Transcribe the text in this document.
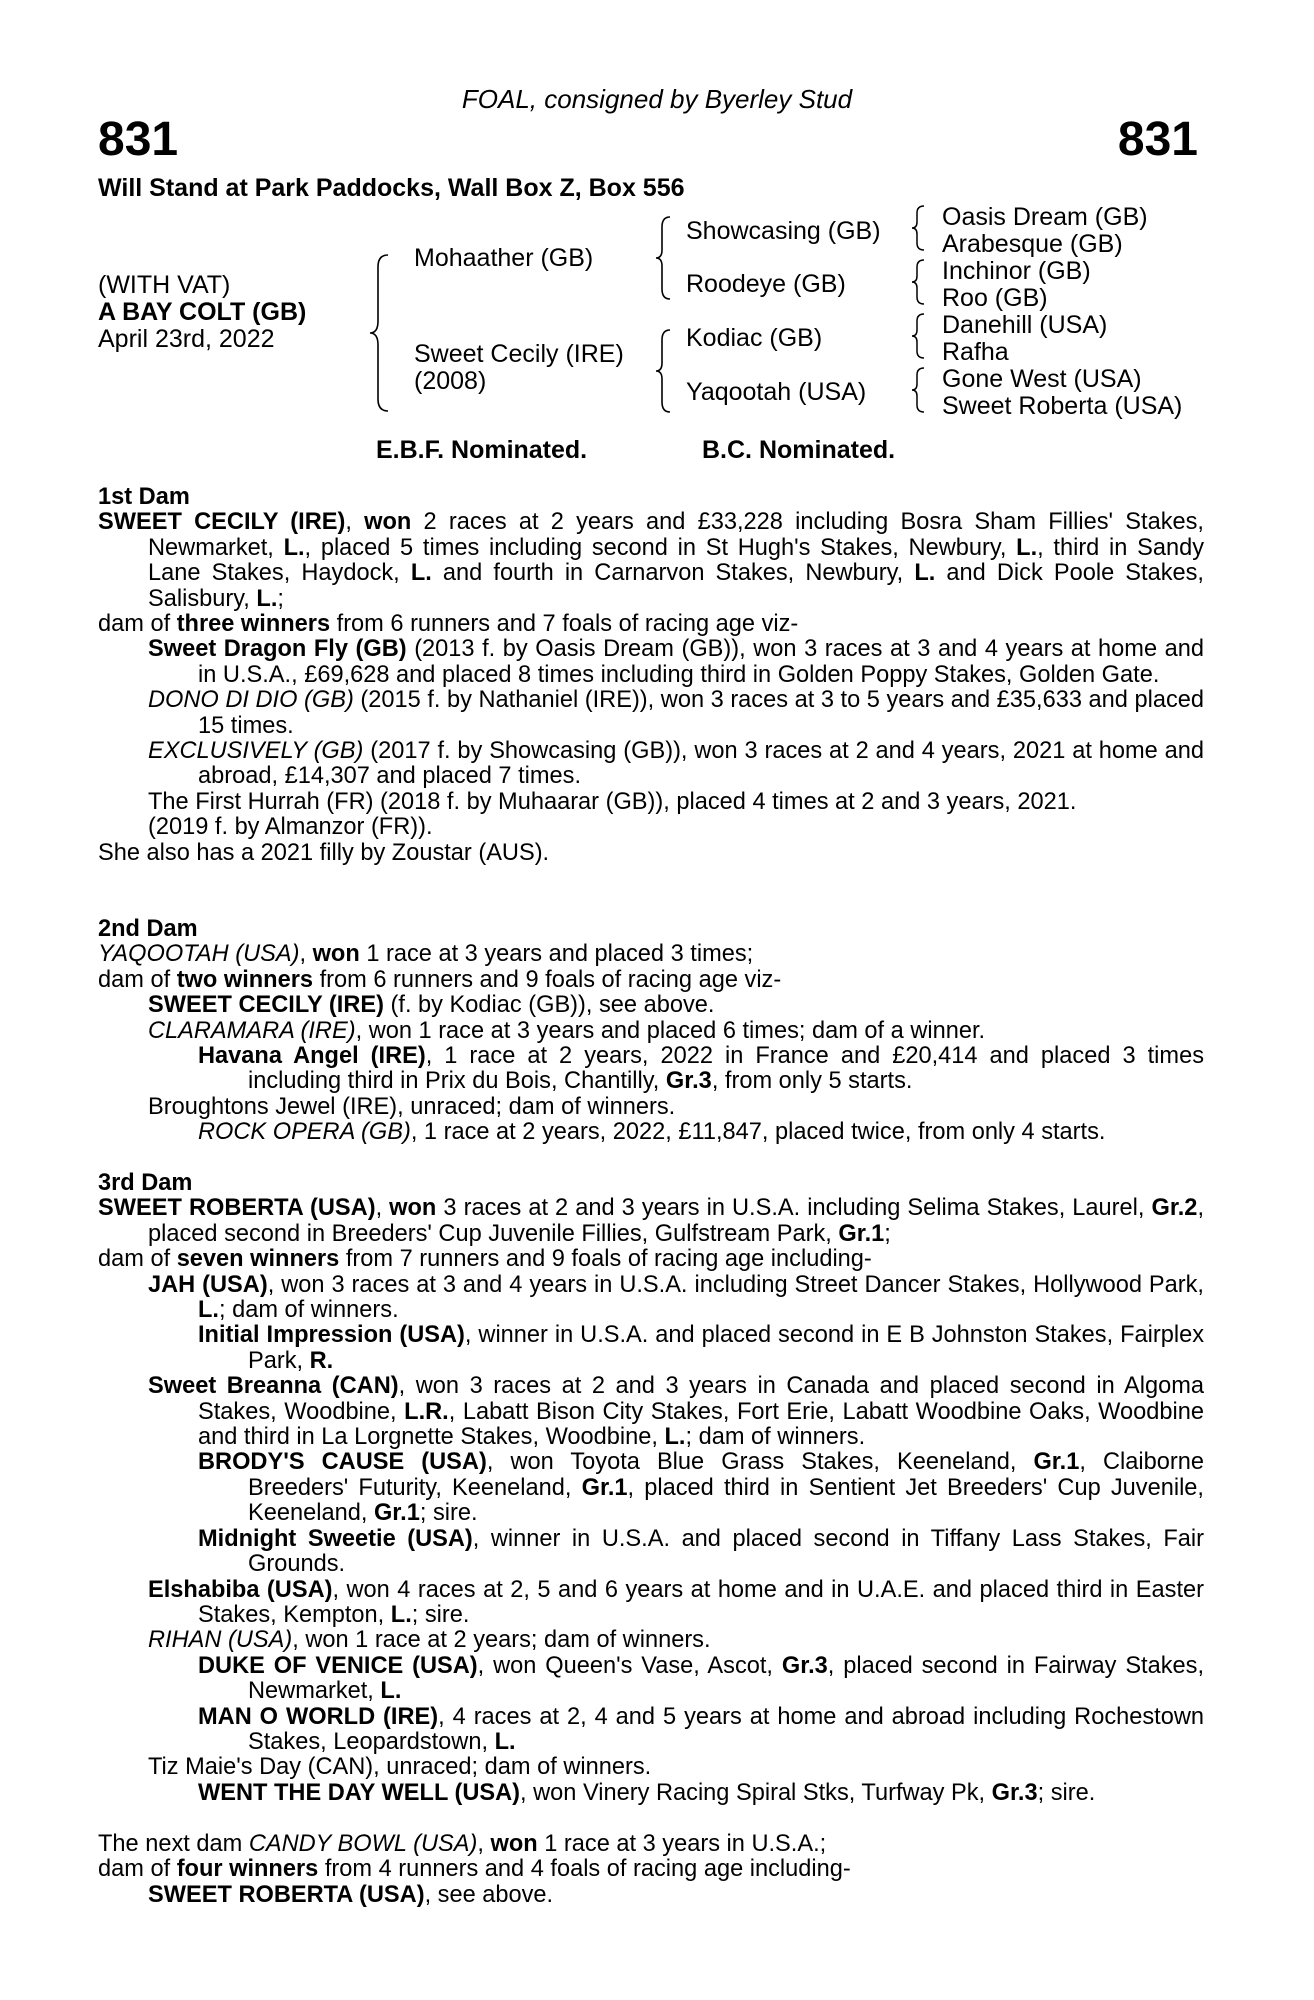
FOAL, consigned by Byerley Stud
831	831
Will Stand at Park Paddocks, Wall Box Z, Box 556
(WITH VAT)
A BAY COLT (GB)
April 23rd, 2022
Mohaather (GB)
Sweet Cecily (IRE)
(2008)
Showcasing (GB)
Roodeye (GB)
Kodiac (GB)
Yaqootah (USA)
Oasis Dream (GB)
Arabesque (GB)
Inchinor (GB)
Roo (GB)
Danehill (USA)
Rafha
Gone West (USA)
Sweet Roberta (USA)
E.B.F. Nominated.	B.C. Nominated.

1st Dam

SWEET CECILY (IRE), won 2 races at 2 years and £33,228 including Bosra Sham Fillies' Stakes, Newmarket, L., placed 5 times including second in St Hugh's Stakes, Newbury, L., third in Sandy Lane Stakes, Haydock, L. and fourth in Carnarvon Stakes, Newbury, L. and Dick Poole Stakes, Salisbury, L.;

dam of three winners from 6 runners and 7 foals of racing age viz-

Sweet Dragon Fly (GB) (2013 f. by Oasis Dream (GB)), won 3 races at 3 and 4 years at home and in U.S.A., £69,628 and placed 8 times including third in Golden Poppy Stakes, Golden Gate.

DONO DI DIO (GB) (2015 f. by Nathaniel (IRE)), won 3 races at 3 to 5 years and £35,633 and placed 15 times.

EXCLUSIVELY (GB) (2017 f. by Showcasing (GB)), won 3 races at 2 and 4 years, 2021 at home and abroad, £14,307 and placed 7 times.

The First Hurrah (FR) (2018 f. by Muhaarar (GB)), placed 4 times at 2 and 3 years, 2021.

(2019 f. by Almanzor (FR)).

She also has a 2021 filly by Zoustar (AUS).

2nd Dam

YAQOOTAH (USA), won 1 race at 3 years and placed 3 times;

dam of two winners from 6 runners and 9 foals of racing age viz-

SWEET CECILY (IRE) (f. by Kodiac (GB)), see above.

CLARAMARA (IRE), won 1 race at 3 years and placed 6 times; dam of a winner.

Havana Angel (IRE), 1 race at 2 years, 2022 in France and £20,414 and placed 3 times including third in Prix du Bois, Chantilly, Gr.3, from only 5 starts.

Broughtons Jewel (IRE), unraced; dam of winners.

ROCK OPERA (GB), 1 race at 2 years, 2022, £11,847, placed twice, from only 4 starts.

3rd Dam

SWEET ROBERTA (USA), won 3 races at 2 and 3 years in U.S.A. including Selima Stakes, Laurel, Gr.2, placed second in Breeders' Cup Juvenile Fillies, Gulfstream Park, Gr.1;

dam of seven winners from 7 runners and 9 foals of racing age including-

JAH (USA), won 3 races at 3 and 4 years in U.S.A. including Street Dancer Stakes, Hollywood Park, L.; dam of winners.

Initial Impression (USA), winner in U.S.A. and placed second in E B Johnston Stakes, Fairplex Park, R.

Sweet Breanna (CAN), won 3 races at 2 and 3 years in Canada and placed second in Algoma Stakes, Woodbine, L.R., Labatt Bison City Stakes, Fort Erie, Labatt Woodbine Oaks, Woodbine and third in La Lorgnette Stakes, Woodbine, L.; dam of winners.

BRODY'S CAUSE (USA), won Toyota Blue Grass Stakes, Keeneland, Gr.1, Claiborne Breeders' Futurity, Keeneland, Gr.1, placed third in Sentient Jet Breeders' Cup Juvenile, Keeneland, Gr.1; sire.

Midnight Sweetie (USA), winner in U.S.A. and placed second in Tiffany Lass Stakes, Fair Grounds.

Elshabiba (USA), won 4 races at 2, 5 and 6 years at home and in U.A.E. and placed third in Easter Stakes, Kempton, L.; sire.

RIHAN (USA), won 1 race at 2 years; dam of winners.

DUKE OF VENICE (USA), won Queen's Vase, Ascot, Gr.3, placed second in Fairway Stakes, Newmarket, L.

MAN O WORLD (IRE), 4 races at 2, 4 and 5 years at home and abroad including Rochestown Stakes, Leopardstown, L.

Tiz Maie's Day (CAN), unraced; dam of winners.

WENT THE DAY WELL (USA), won Vinery Racing Spiral Stks, Turfway Pk, Gr.3; sire.

The next dam CANDY BOWL (USA), won 1 race at 3 years in U.S.A.;

dam of four winners from 4 runners and 4 foals of racing age including-

SWEET ROBERTA (USA), see above.
